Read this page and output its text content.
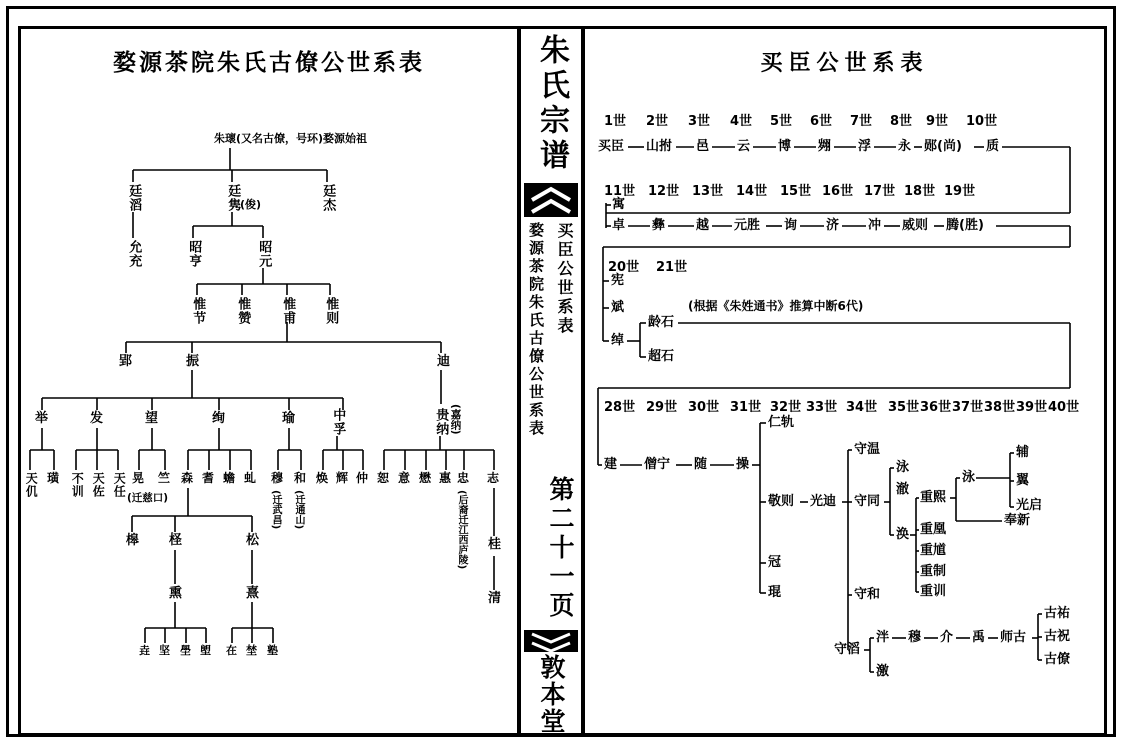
婺源茶院朱氏古僚公世系表	买臣公世系表
朱氏宗谱
婺源茶院朱氏古僚公世系表 买臣公世系表
第二十一页
敦本堂
朱瓌(又名古僚，号环)婺源始祖
廷滔	廷隽 (俊)	廷杰
允充	昭亨	昭元
惟节 惟赞 惟甫 惟则
郢	振	迪
举	发	望	绚	瑜	中孚	贵纳 (嘉纳)
天仉 璜 不训 天佐 天任 晃 竺
(迁慈口)
森 耆 蟾 虬 穆
(迁武昌)
和
(迁通山)
焕 辉 仲 恕 意 懋 惠 忠
(后裔迁江西庐陵)
志
槔 柽	松
熏	熹
垚 坚 壆 塱 在 埜 塾
桂
清
买臣 山拊 邑 云 博 翙 浮 永 郧(尚) 质
寓
卓 彝 越 元胜 询 济 冲 威则 腾(胜)
宪
斌
绰
龄石
超石
建 僧宁 随 操
仁轨
敬则
冠
琨
光迪
守温
守同
守和
守滔
泳
澈
涣
重熙
重凰
重馗
重制
重训
泳
奉新
辅
翼
光启
泮
激
穆 介 禹 师古
古祐
古祝
古僚
1世 2世 3世 4世 5世 6世 7世 8世 9世 10世
11世 12世 13世 14世 15世 16世 17世 18世 19世
20世 21世
28世 29世 30世 31世 32世 33世 34世 35世 36世 37世 38世 39世 40世
(根据《朱姓通书》推算中断6代)
